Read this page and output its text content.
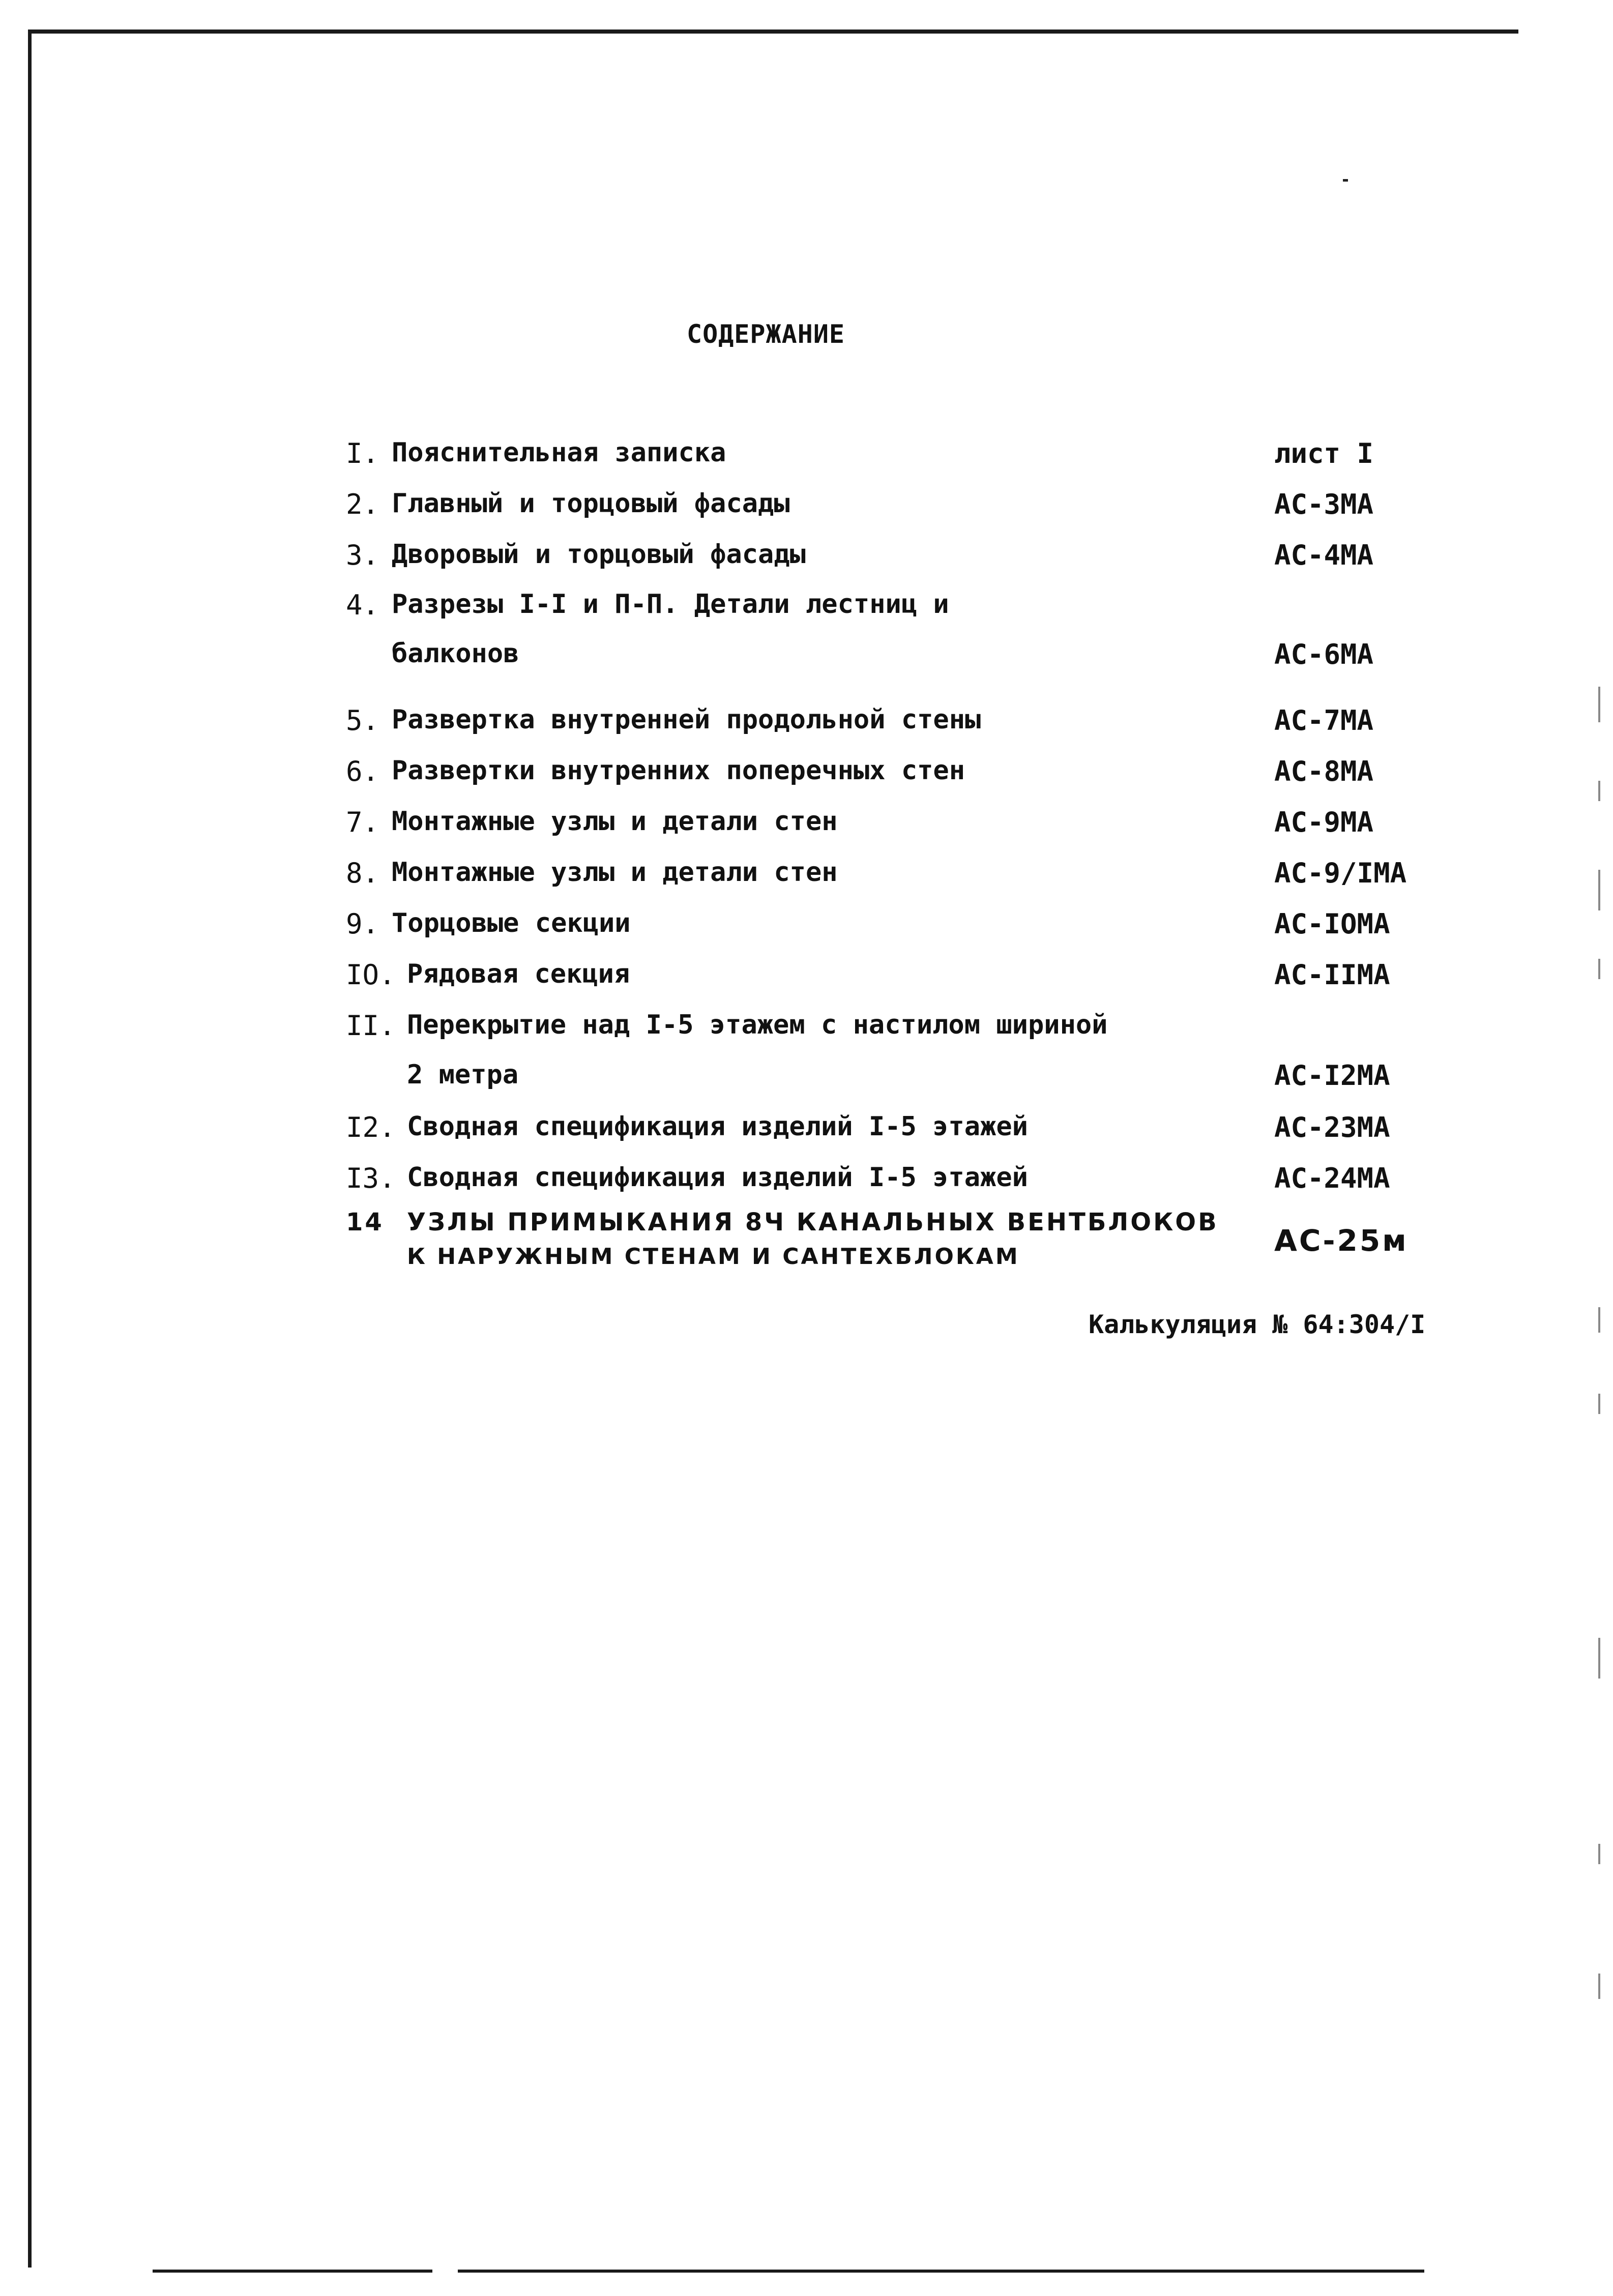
СОДЕРЖАНИЕ
I. Пояснительная записка	лист I
2. Главный и торцовый фасады	АС-3МА
3. Дворовый и торцовый фасады	АС-4МА
4. Разрезы I-I и П-П. Детали лестниц и
балконов	АС-6МА
5. Развертка внутренней продольной стены	АС-7МА
6. Развертки внутренних поперечных стен	АС-8МА
7. Монтажные узлы и детали стен	АС-9МА
8. Монтажные узлы и детали стен	АС-9/IМА
9. Торцовые секции	АС-IОМА
IO. Рядовая секция	АС-IIМА
II. Перекрытие над I-5 этажем с настилом шириной
2 метра	АС-I2МА
I2. Сводная спецификация изделий I-5 этажей	АС-23МА
I3. Сводная спецификация изделий I-5 этажей	АС-24МА
14 УЗЛЫ ПРИМЫКАНИЯ 8Ч КАНАЛЬНЫХ ВЕНТБЛОКОВ
К НАРУЖНЫМ СТЕНАМ И САНТЕХБЛОКАМ	АС-25м
Калькуляция № 64:304/I
